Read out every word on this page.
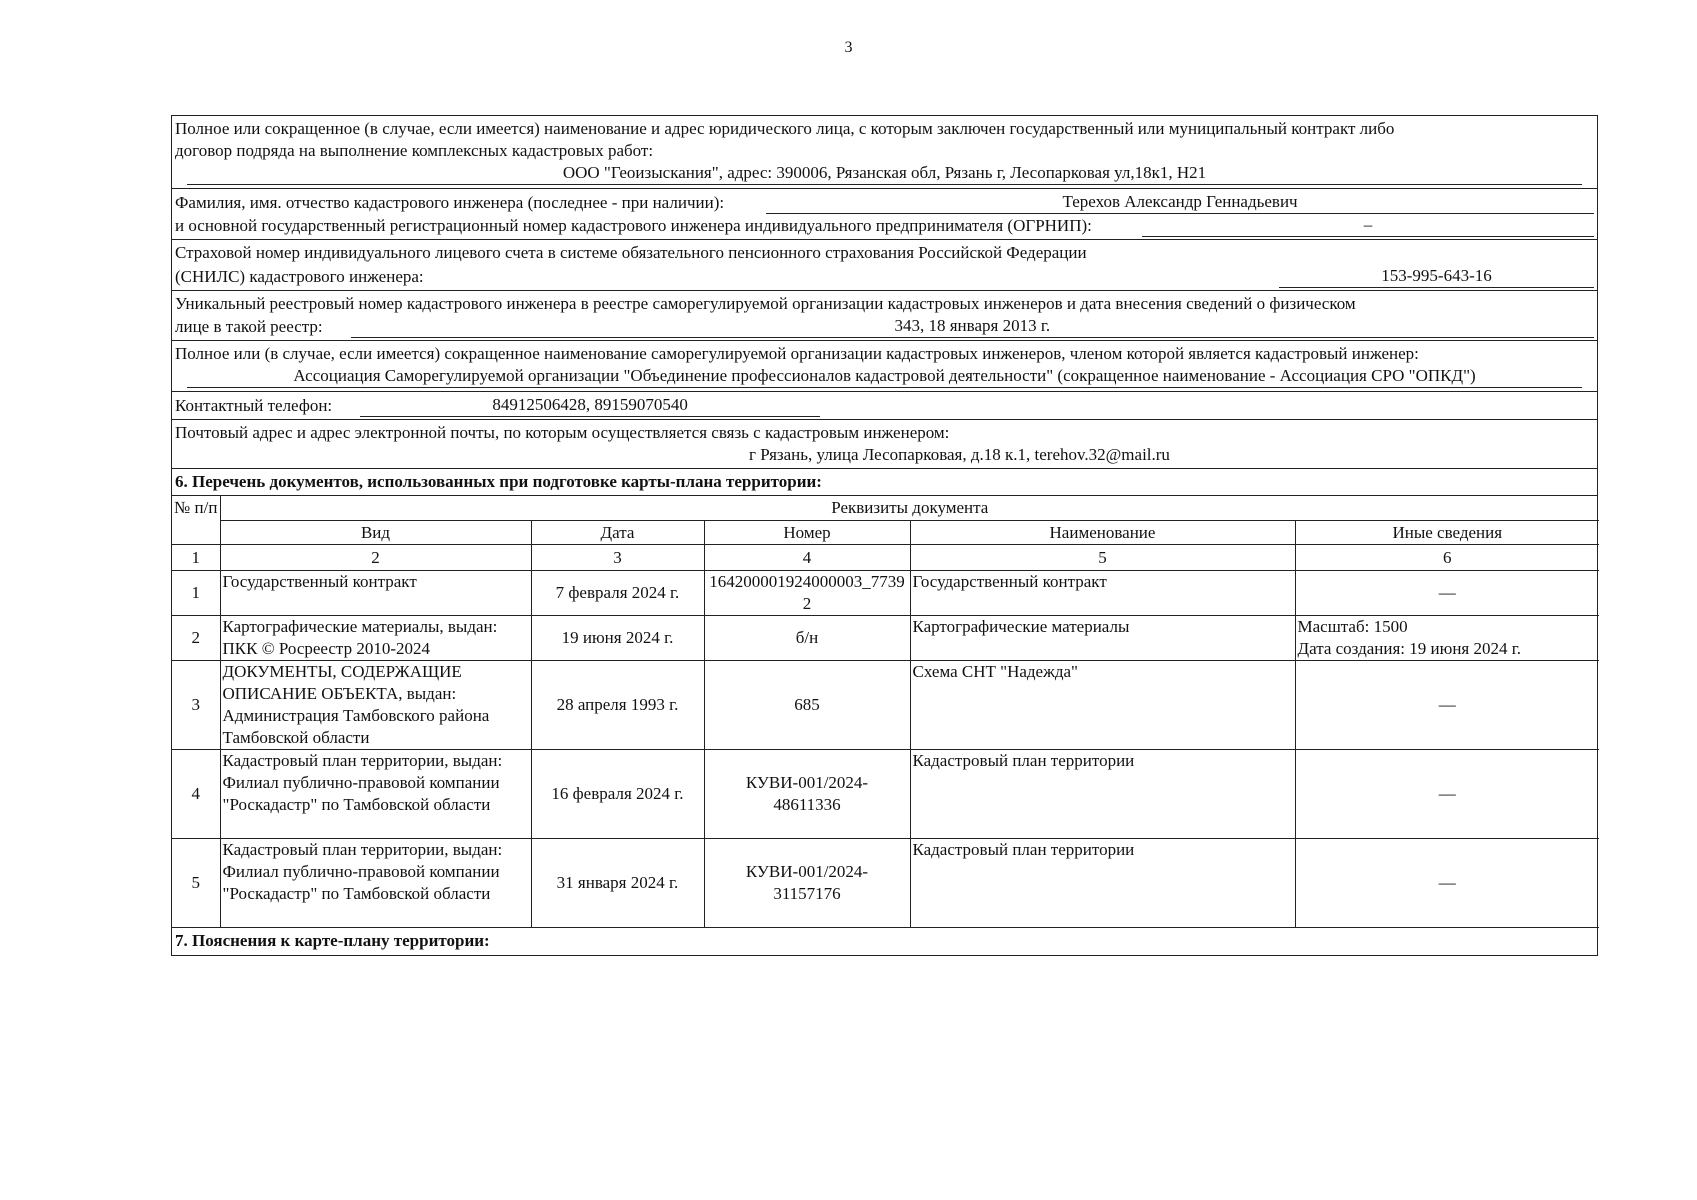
3
Полное или сокращенное (в случае, если имеется) наименование и адрес юридического лица, с которым заключен государственный или муниципальный контракт либо
договор подряда на выполнение комплексных кадастровых работ:
ООО "Геоизыскания", адрес: 390006, Рязанская обл, Рязань г, Лесопарковая ул,18к1, Н21
Фамилия, имя. отчество кадастрового инженера (последнее - при наличии):	Терехов Александр Геннадьевич
и основной государственный регистрационный номер кадастрового инженера индивидуального предпринимателя (ОГРНИП):	–
Страховой номер индивидуального лицевого счета в системе обязательного пенсионного страхования Российской Федерации
(СНИЛС) кадастрового инженера:	153-995-643-16
Уникальный реестровый номер кадастрового инженера в реестре саморегулируемой организации кадастровых инженеров и дата внесения сведений о физическом
лице в такой реестр:	343, 18 января 2013 г.
Полное или (в случае, если имеется) сокращенное наименование саморегулируемой организации кадастровых инженеров, членом которой является кадастровый инженер:
Ассоциация Саморегулируемой организации "Объединение профессионалов кадастровой деятельности" (сокращенное наименование - Ассоциация СРО "ОПКД")
Контактный телефон:	84912506428, 89159070540
Почтовый адрес и адрес электронной почты, по которым осуществляется связь с кадастровым инженером:
г Рязань, улица Лесопарковая, д.18 к.1, terehov.32@mail.ru
6. Перечень документов, использованных при подготовке карты-плана территории:
№ п/п	Реквизиты документа				
	Вид	Дата	Номер	Наименование	Иные сведения
1	2	3	4	5	6
1	Государственный контракт	7 февраля 2024 г.	164200001924000003_77392	Государственный контракт	—
2	Картографические материалы, выдан: ПКК © Росреестр 2010-2024	19 июня 2024 г.	б/н	Картографические материалы	Масштаб: 1500
Дата создания: 19 июня 2024 г.

3	ДОКУМЕНТЫ, СОДЕРЖАЩИЕ ОПИСАНИЕ ОБЪЕКТА, выдан: Администрация Тамбовского района Тамбовской области	28 апреля 1993 г.	685	Схема СНТ "Надежда"	—
4	Кадастровый план территории, выдан: Филиал публично-правовой компании "Роскадастр" по Тамбовской области	16 февраля 2024 г.	КУВИ-001/2024-48611336	Кадастровый план территории	—
5	Кадастровый план территории, выдан: Филиал публично-правовой компании "Роскадастр" по Тамбовской области	31 января 2024 г.	КУВИ-001/2024-31157176	Кадастровый план территории	—
7. Пояснения к карте-плану территории:
